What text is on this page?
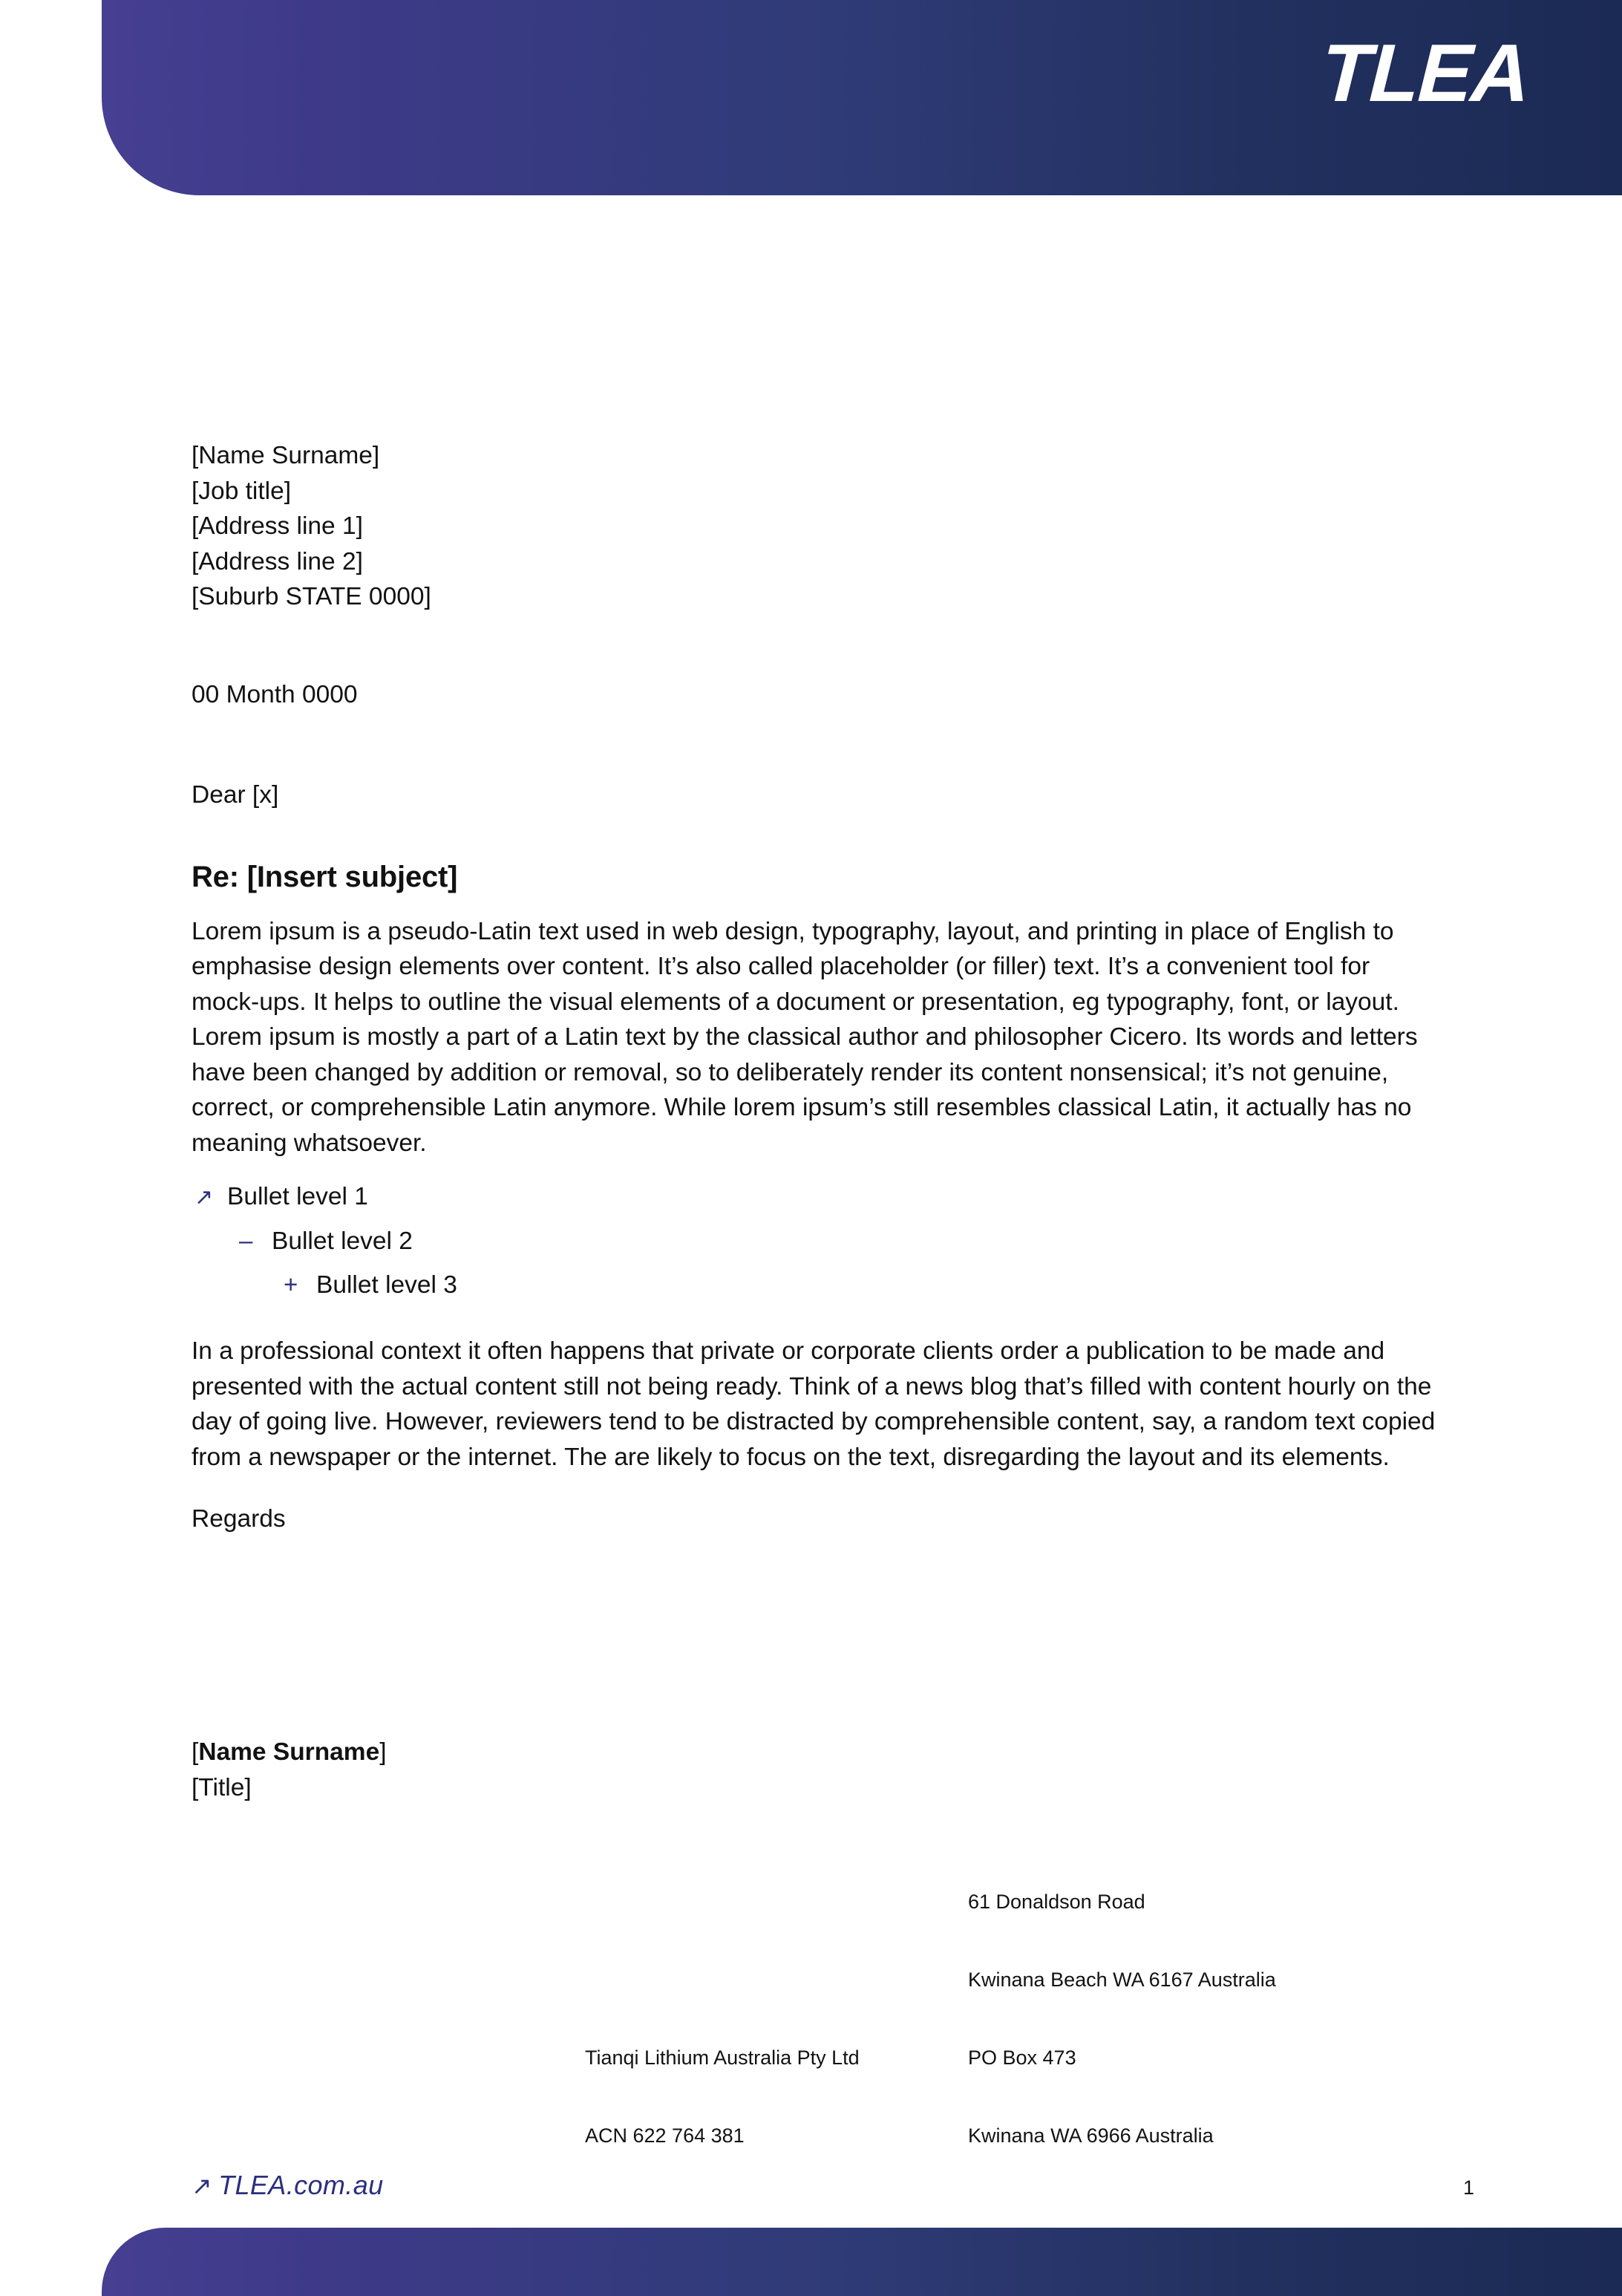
TLEA
[Name Surname]
[Job title]
[Address line 1]
[Address line 2]
[Suburb STATE 0000]
00 Month 0000
Dear [x]
Re: [Insert subject]
Lorem ipsum is a pseudo-Latin text used in web design, typography, layout, and printing in place of English to emphasise design elements over content. It’s also called placeholder (or filler) text. It’s a convenient tool for mock-ups. It helps to outline the visual elements of a document or presentation, eg typography, font, or layout. Lorem ipsum is mostly a part of a Latin text by the classical author and philosopher Cicero. Its words and letters have been changed by addition or removal, so to deliberately render its content nonsensical; it’s not genuine, correct, or comprehensible Latin anymore. While lorem ipsum’s still resembles classical Latin, it actually has no meaning whatsoever.
↗ Bullet level 1
– Bullet level 2
+ Bullet level 3
In a professional context it often happens that private or corporate clients order a publication to be made and presented with the actual content still not being ready. Think of a news blog that’s filled with content hourly on the day of going live. However, reviewers tend to be distracted by comprehensible content, say, a random text copied from a newspaper or the internet. The are likely to focus on the text, disregarding the layout and its elements.
Regards
[Name Surname]
[Title]
↗ TLEA.com.au

Tianqi Lithium Australia Pty Ltd

ACN 622 764 381

61 Donaldson Road

Kwinana Beach WA 6167 Australia

PO Box 473

Kwinana WA 6966 Australia

1
